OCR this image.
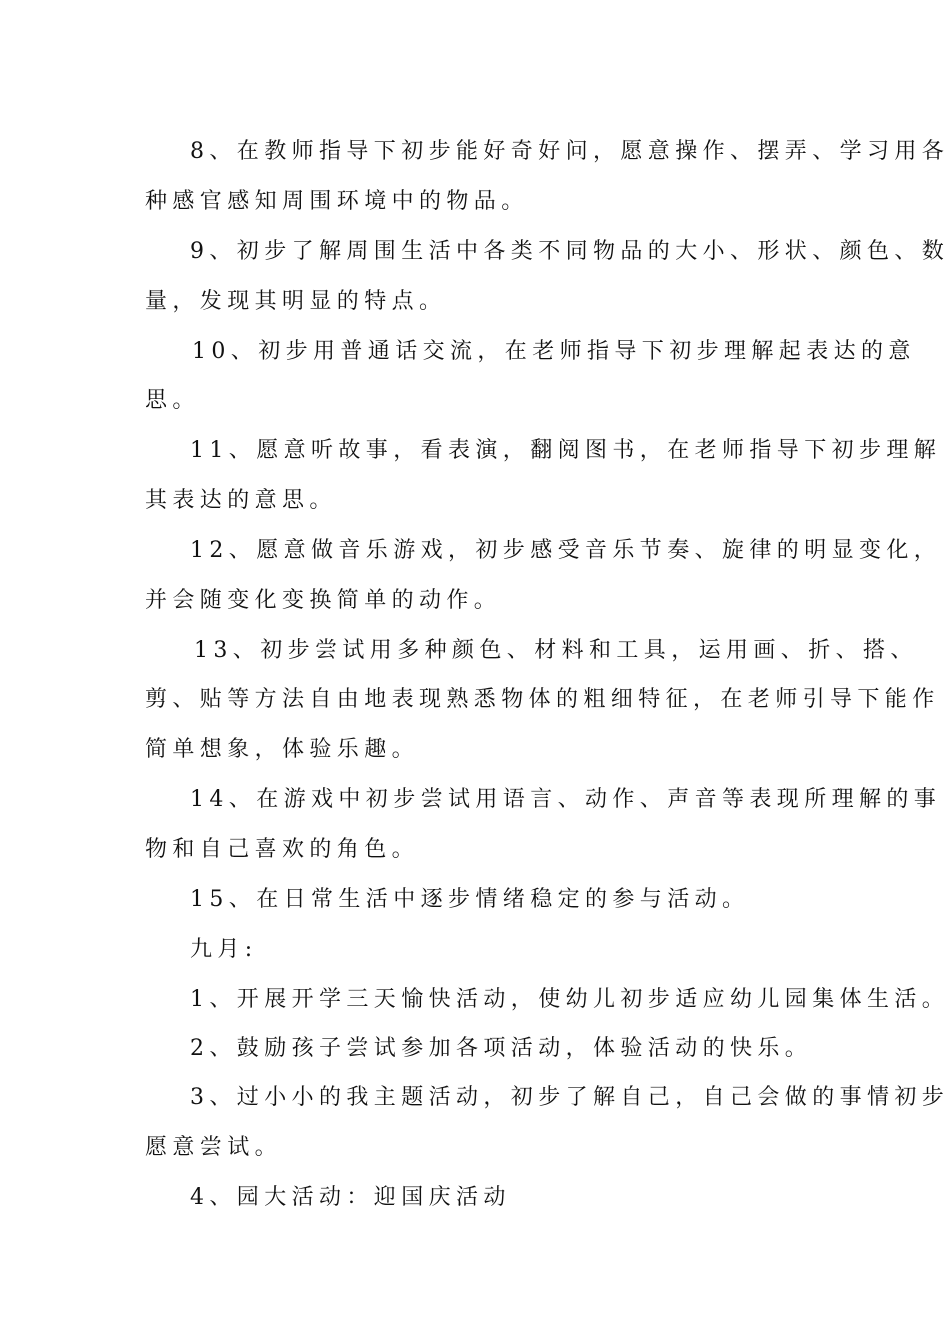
8、在教师指导下初步能好奇好问，愿意操作、摆弄、学习用各
种感官感知周围环境中的物品。
9、初步了解周围生活中各类不同物品的大小、形状、颜色、数
量，发现其明显的特点。
10、初步用普通话交流，在老师指导下初步理解起表达的意
思。
11、愿意听故事，看表演，翻阅图书，在老师指导下初步理解
其表达的意思。
12、愿意做音乐游戏，初步感受音乐节奏、旋律的明显变化，
并会随变化变换简单的动作。
13、初步尝试用多种颜色、材料和工具，运用画、折、搭、
剪、贴等方法自由地表现熟悉物体的粗细特征，在老师引导下能作
简单想象，体验乐趣。
14、在游戏中初步尝试用语言、动作、声音等表现所理解的事
物和自己喜欢的角色。
15、在日常生活中逐步情绪稳定的参与活动。
九月:
1、开展开学三天愉快活动，使幼儿初步适应幼儿园集体生活。
2、鼓励孩子尝试参加各项活动，体验活动的快乐。
3、过小小的我主题活动，初步了解自己，自己会做的事情初步
愿意尝试。
4、园大活动：迎国庆活动
